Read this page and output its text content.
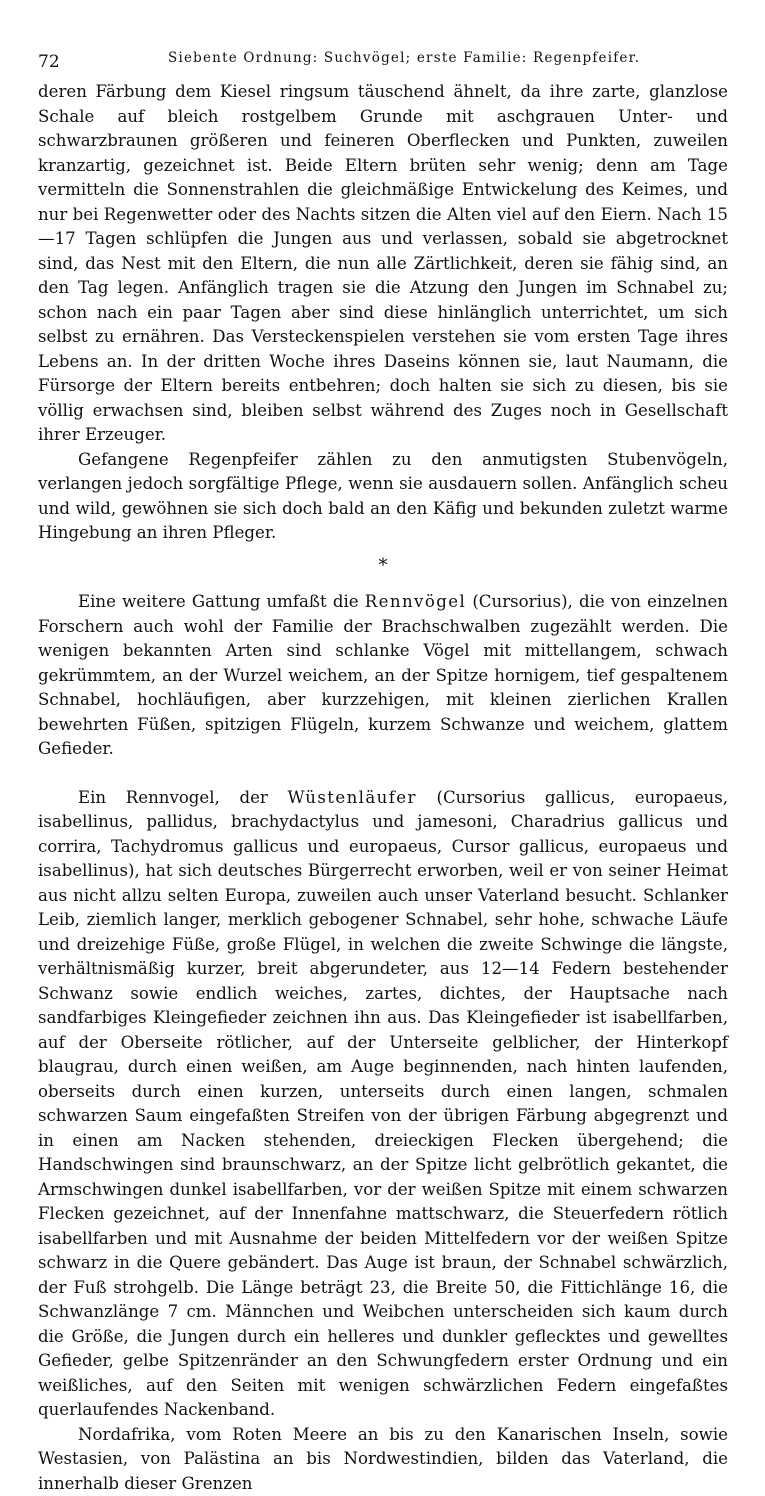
72	Siebente Ordnung: Suchvögel; erste Familie: Regenpfeifer.

deren Färbung dem Kiesel ringsum täuschend ähnelt, da ihre zarte, glanzlose Schale auf bleich rostgelbem Grunde mit aschgrauen Unter- und schwarzbraunen größeren und feineren Oberflecken und Punkten, zuweilen kranzartig, gezeichnet ist. Beide Eltern brüten sehr wenig; denn am Tage vermitteln die Sonnenstrahlen die gleichmäßige Entwickelung des Keimes, und nur bei Regenwetter oder des Nachts sitzen die Alten viel auf den Eiern. Nach 15—17 Tagen schlüpfen die Jungen aus und verlassen, sobald sie abgetrocknet sind, das Nest mit den Eltern, die nun alle Zärtlichkeit, deren sie fähig sind, an den Tag legen. Anfänglich tragen sie die Atzung den Jungen im Schnabel zu; schon nach ein paar Tagen aber sind diese hinlänglich unterrichtet, um sich selbst zu ernähren. Das Versteckenspielen verstehen sie vom ersten Tage ihres Lebens an. In der dritten Woche ihres Daseins können sie, laut Naumann, die Fürsorge der Eltern bereits entbehren; doch halten sie sich zu diesen, bis sie völlig erwachsen sind, bleiben selbst während des Zuges noch in Gesellschaft ihrer Erzeuger.

Gefangene Regenpfeifer zählen zu den anmutigsten Stubenvögeln, verlangen jedoch sorgfältige Pflege, wenn sie ausdauern sollen. Anfänglich scheu und wild, gewöhnen sie sich doch bald an den Käfig und bekunden zuletzt warme Hingebung an ihren Pfleger.

*

Eine weitere Gattung umfaßt die Rennvögel (Cursorius), die von einzelnen Forschern auch wohl der Familie der Brachschwalben zugezählt werden. Die wenigen bekannten Arten sind schlanke Vögel mit mittellangem, schwach gekrümmtem, an der Wurzel weichem, an der Spitze hornigem, tief gespaltenem Schnabel, hochläufigen, aber kurzzehigen, mit kleinen zierlichen Krallen bewehrten Füßen, spitzigen Flügeln, kurzem Schwanze und weichem, glattem Gefieder.

Ein Rennvogel, der Wüstenläufer (Cursorius gallicus, europaeus, isabellinus, pallidus, brachydactylus und jamesoni, Charadrius gallicus und corrira, Tachydromus gallicus und europaeus, Cursor gallicus, europaeus und isabellinus), hat sich deutsches Bürgerrecht erworben, weil er von seiner Heimat aus nicht allzu selten Europa, zuweilen auch unser Vaterland besucht. Schlanker Leib, ziemlich langer, merklich gebogener Schnabel, sehr hohe, schwache Läufe und dreizehige Füße, große Flügel, in welchen die zweite Schwinge die längste, verhältnismäßig kurzer, breit abgerundeter, aus 12—14 Federn bestehender Schwanz sowie endlich weiches, zartes, dichtes, der Hauptsache nach sandfarbiges Kleingefieder zeichnen ihn aus. Das Kleingefieder ist isabellfarben, auf der Oberseite rötlicher, auf der Unterseite gelblicher, der Hinterkopf blaugrau, durch einen weißen, am Auge beginnenden, nach hinten laufenden, oberseits durch einen kurzen, unterseits durch einen langen, schmalen schwarzen Saum eingefaßten Streifen von der übrigen Färbung abgegrenzt und in einen am Nacken stehenden, dreieckigen Flecken übergehend; die Handschwingen sind braunschwarz, an der Spitze licht gelbrötlich gekantet, die Armschwingen dunkel isabellfarben, vor der weißen Spitze mit einem schwarzen Flecken gezeichnet, auf der Innenfahne mattschwarz, die Steuerfedern rötlich isabellfarben und mit Ausnahme der beiden Mittelfedern vor der weißen Spitze schwarz in die Quere gebändert. Das Auge ist braun, der Schnabel schwärzlich, der Fuß strohgelb. Die Länge beträgt 23, die Breite 50, die Fittichlänge 16, die Schwanzlänge 7 cm. Männchen und Weibchen unterscheiden sich kaum durch die Größe, die Jungen durch ein helleres und dunkler geflecktes und gewelltes Gefieder, gelbe Spitzenränder an den Schwungfedern erster Ordnung und ein weißliches, auf den Seiten mit wenigen schwärzlichen Federn eingefaßtes querlaufendes Nackenband.

Nordafrika, vom Roten Meere an bis zu den Kanarischen Inseln, sowie Westasien, von Palästina an bis Nordwestindien, bilden das Vaterland, die innerhalb dieser Grenzen
